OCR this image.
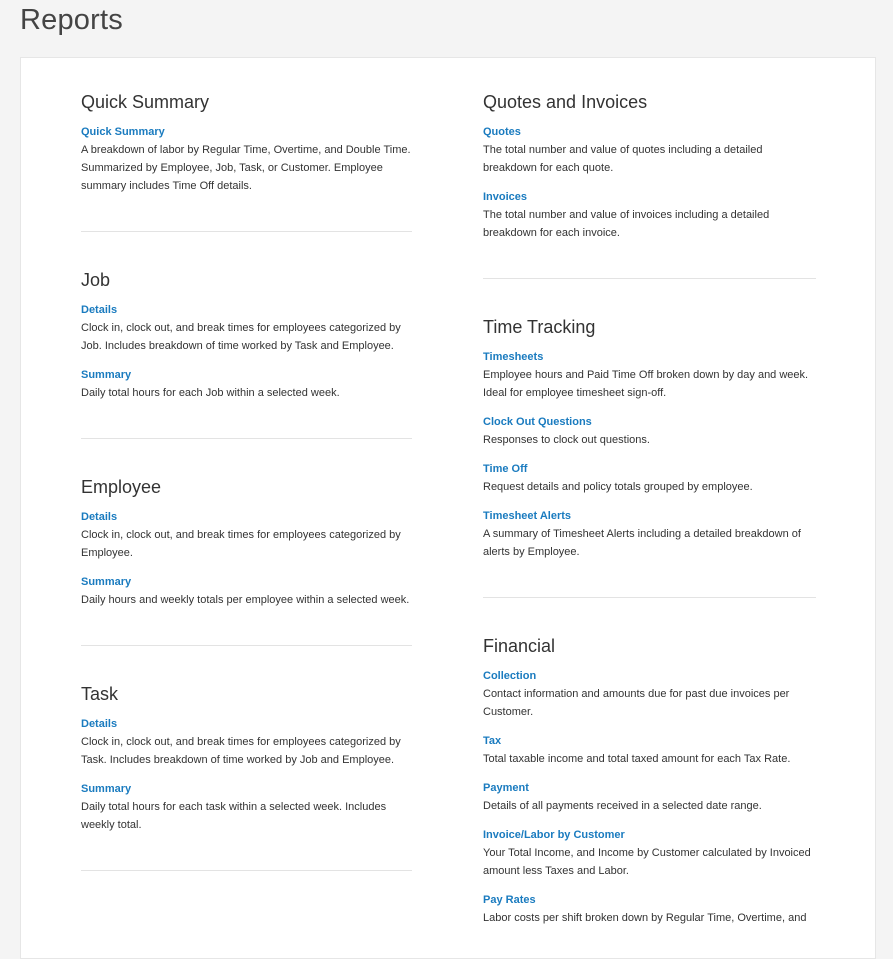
Reports
Quick Summary
Quick Summary

A breakdown of labor by Regular Time, Overtime, and Double Time. Summarized by Employee, Job, Task, or Customer. Employee summary includes Time Off details.

Job
Details

Clock in, clock out, and break times for employees categorized by Job. Includes breakdown of time worked by Task and Employee.

Summary

Daily total hours for each Job within a selected week.

Employee
Details

Clock in, clock out, and break times for employees categorized by Employee.

Summary

Daily hours and weekly totals per employee within a selected week.

Task
Details

Clock in, clock out, and break times for employees categorized by Task. Includes breakdown of time worked by Job and Employee.

Summary

Daily total hours for each task within a selected week. Includes weekly total.

Quotes and Invoices
Quotes

The total number and value of quotes including a detailed breakdown for each quote.

Invoices

The total number and value of invoices including a detailed breakdown for each invoice.

Time Tracking
Timesheets

Employee hours and Paid Time Off broken down by day and week. Ideal for employee timesheet sign-off.

Clock Out Questions

Responses to clock out questions.

Time Off

Request details and policy totals grouped by employee.

Timesheet Alerts

A summary of Timesheet Alerts including a detailed breakdown of alerts by Employee.

Financial
Collection

Contact information and amounts due for past due invoices per Customer.

Tax

Total taxable income and total taxed amount for each Tax Rate.

Payment

Details of all payments received in a selected date range.

Invoice/Labor by Customer

Your Total Income, and Income by Customer calculated by Invoiced amount less Taxes and Labor.

Pay Rates

Labor costs per shift broken down by Regular Time, Overtime, and
